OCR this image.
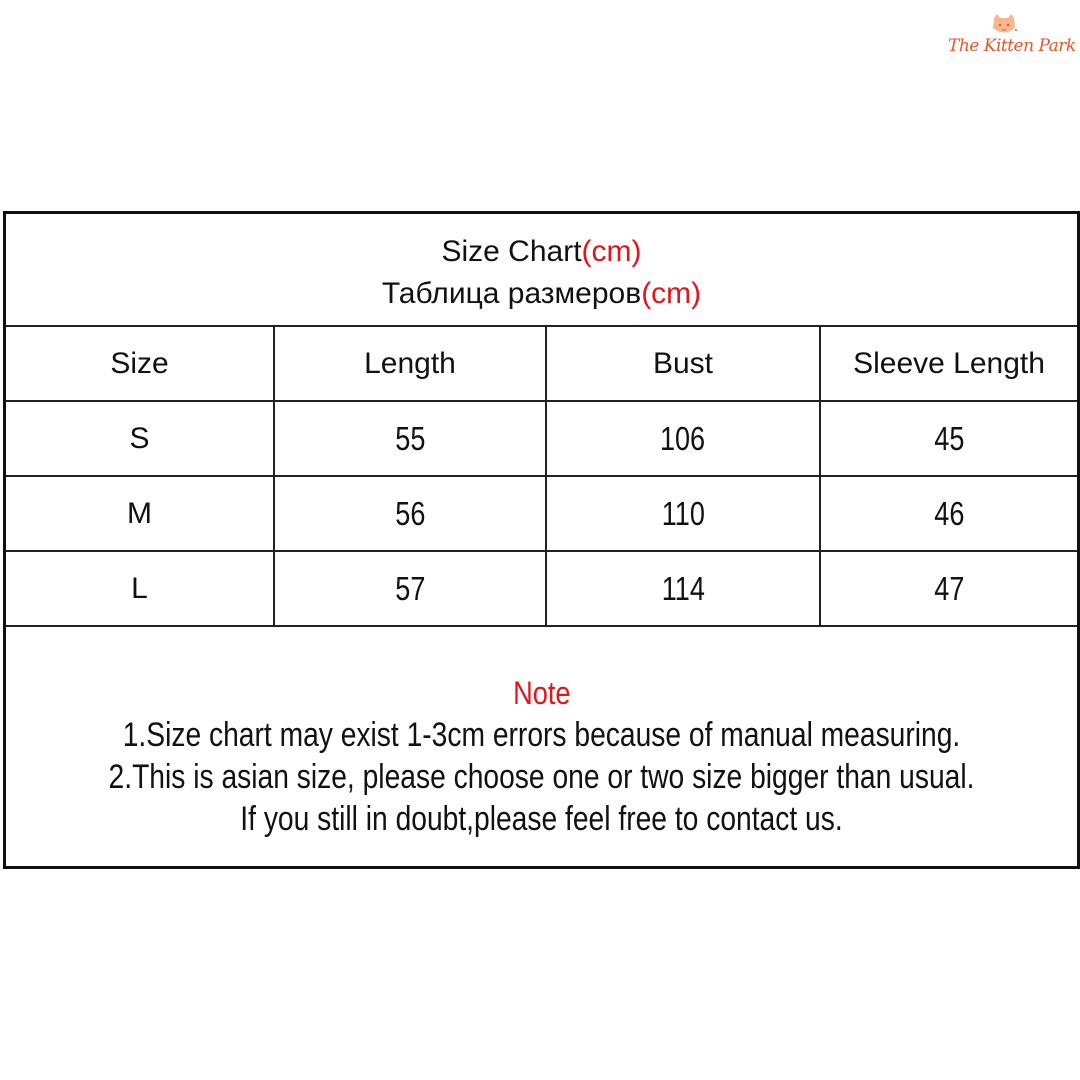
The Kitten Park
Size Chart(cm)
Таблица размеров(cm)
Size	Length	Bust	Sleeve Length
S	55	106	45
M	56	110	46
L	57	114	47
Note
1.Size chart may exist 1-3cm errors because of manual measuring.
2.This is asian size, please choose one or two size bigger than usual.
If you still in doubt,please feel free to contact us.
